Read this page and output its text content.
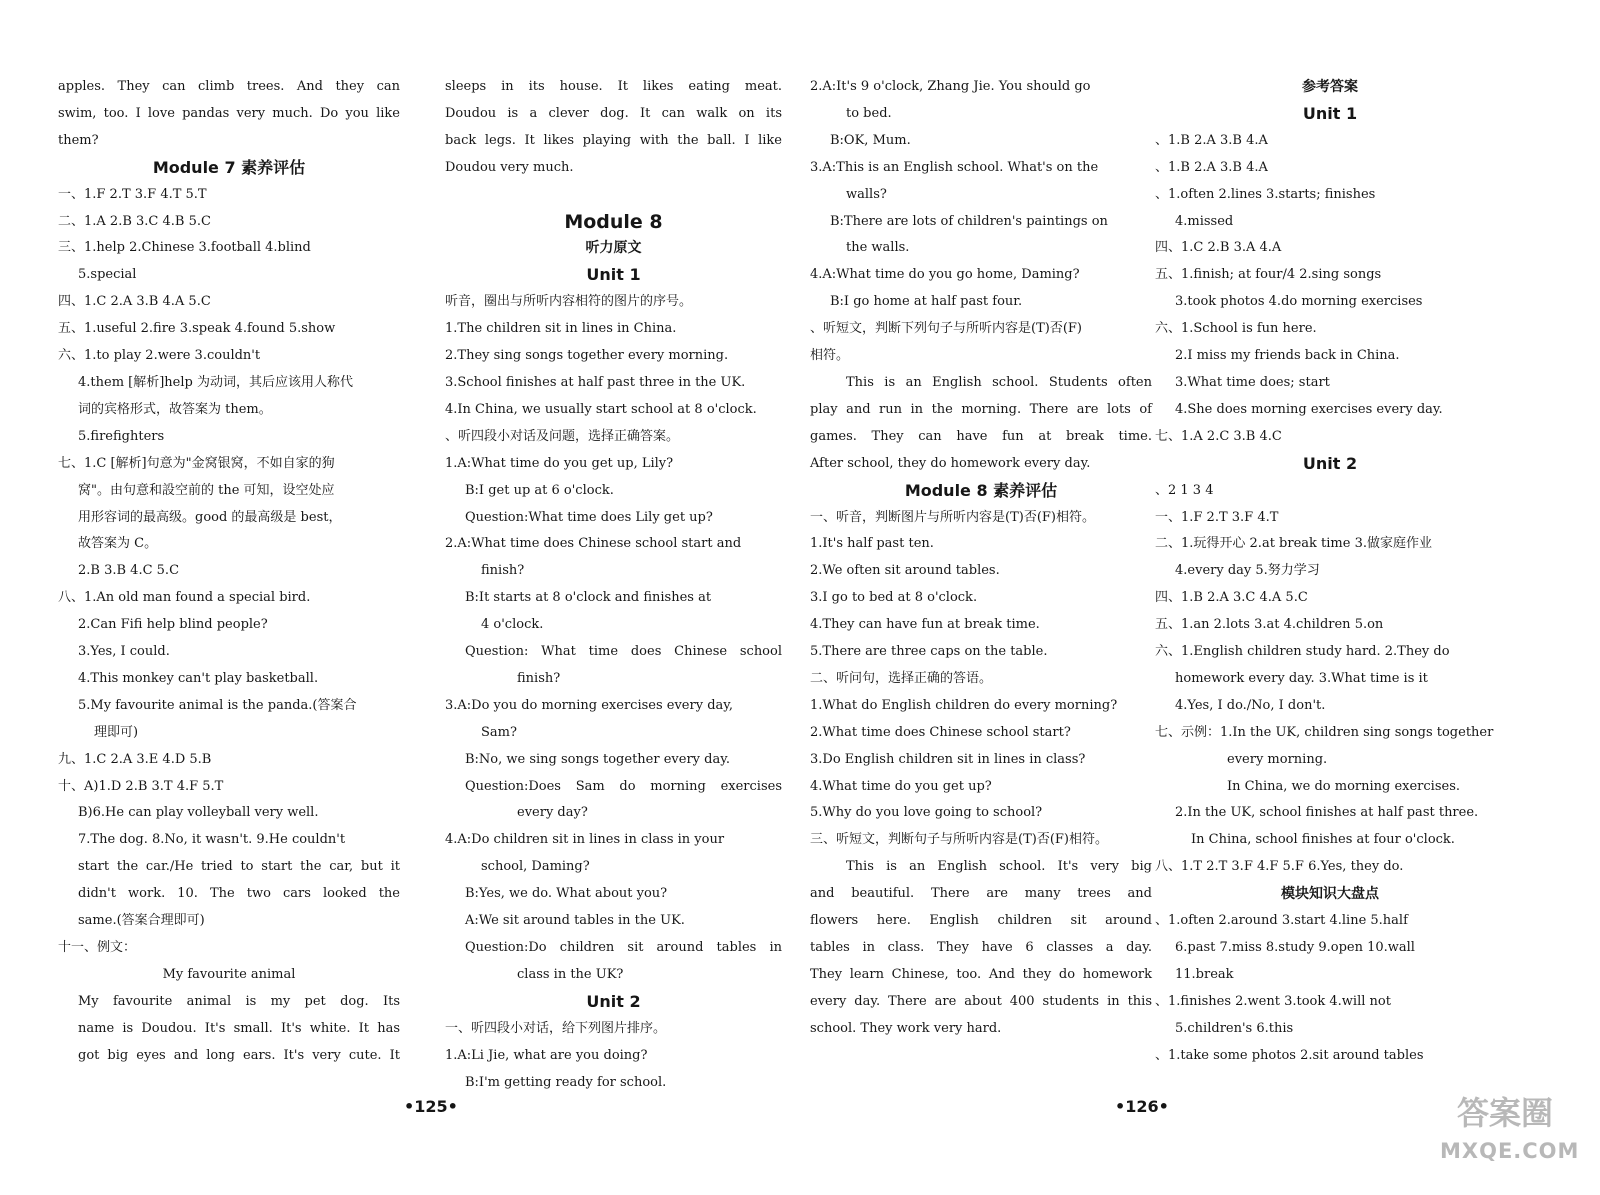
apples. They can climb trees. And they can
swim, too. I love pandas very much. Do you like
them?
Module 7 素养评估
一、1.F 2.T 3.F 4.T 5.T
二、1.A 2.B 3.C 4.B 5.C
三、1.help 2.Chinese 3.football 4.blind
5.special
四、1.C 2.A 3.B 4.A 5.C
五、1.useful 2.fire 3.speak 4.found 5.show
六、1.to play 2.were 3.couldn't
4.them [解析]help 为动词，其后应该用人称代
词的宾格形式，故答案为 them。
5.firefighters
七、1.C [解析]句意为"金窝银窝，不如自家的狗
窝"。由句意和設空前的 the 可知，设空处应
用形容词的最高级。good 的最高级是 best，
故答案为 C。
2.B 3.B 4.C 5.C
八、1.An old man found a special bird.
2.Can Fifi help blind people?
3.Yes, I could.
4.This monkey can't play basketball.
5.My favourite animal is the panda.(答案合
理即可)
九、1.C 2.A 3.E 4.D 5.B
十、A)1.D 2.B 3.T 4.F 5.T
B)6.He can play volleyball very well.
7.The dog. 8.No, it wasn't. 9.He couldn't
start the car./He tried to start the car, but it
didn't work. 10. The two cars looked the
same.(答案合理即可)
十一、例文：
My favourite animal
My favourite animal is my pet dog. Its
name is Doudou. It's small. It's white. It has
got big eyes and long ears. It's very cute. It
sleeps in its house. It likes eating meat.
Doudou is a clever dog. It can walk on its
back legs. It likes playing with the ball. I like
Doudou very much.

Module 8
听力原文
Unit 1
听音，圈出与所听内容相符的图片的序号。
1.The children sit in lines in China.
2.They sing songs together every morning.
3.School finishes at half past three in the UK.
4.In China, we usually start school at 8 o'clock.
、听四段小对话及问题，选择正确答案。
1.A:What time do you get up, Lily?
B:I get up at 6 o'clock.
Question:What time does Lily get up?
2.A:What time does Chinese school start and
finish?
B:It starts at 8 o'clock and finishes at
4 o'clock.
Question: What time does Chinese school
finish?
3.A:Do you do morning exercises every day,
Sam?
B:No, we sing songs together every day.
Question:Does Sam do morning exercises
every day?
4.A:Do children sit in lines in class in your
school, Daming?
B:Yes, we do. What about you?
A:We sit around tables in the UK.
Question:Do children sit around tables in
class in the UK?
Unit 2
一、听四段小对话，给下列图片排序。
1.A:Li Jie, what are you doing?
B:I'm getting ready for school.
2.A:It's 9 o'clock, Zhang Jie. You should go
to bed.
B:OK, Mum.
3.A:This is an English school. What's on the
walls?
B:There are lots of children's paintings on
the walls.
4.A:What time do you go home, Daming?
B:I go home at half past four.
、听短文，判断下列句子与所听内容是(T)否(F)
相符。
This is an English school. Students often
play and run in the morning. There are lots of
games. They can have fun at break time.
After school, they do homework every day.
Module 8 素养评估
一、听音，判断图片与所听内容是(T)否(F)相符。
1.It's half past ten.
2.We often sit around tables.
3.I go to bed at 8 o'clock.
4.They can have fun at break time.
5.There are three caps on the table.
二、听问句，选择正确的答语。
1.What do English children do every morning?
2.What time does Chinese school start?
3.Do English children sit in lines in class?
4.What time do you get up?
5.Why do you love going to school?
三、听短文，判断句子与所听内容是(T)否(F)相符。
This is an English school. It's very big
and beautiful. There are many trees and
flowers here. English children sit around
tables in class. They have 6 classes a day.
They learn Chinese, too. And they do homework
every day. There are about 400 students in this
school. They work very hard.
参考答案
Unit 1
、1.B 2.A 3.B 4.A
、1.B 2.A 3.B 4.A
、1.often 2.lines 3.starts; finishes
4.missed
四、1.C 2.B 3.A 4.A
五、1.finish; at four/4 2.sing songs
3.took photos 4.do morning exercises
六、1.School is fun here.
2.I miss my friends back in China.
3.What time does; start
4.She does morning exercises every day.
七、1.A 2.C 3.B 4.C
Unit 2
、2 1 3 4
一、1.F 2.T 3.F 4.T
二、1.玩得开心 2.at break time 3.做家庭作业
4.every day 5.努力学习
四、1.B 2.A 3.C 4.A 5.C
五、1.an 2.lots 3.at 4.children 5.on
六、1.English children study hard. 2.They do
homework every day. 3.What time is it
4.Yes, I do./No, I don't.
七、示例：1.In the UK, children sing songs together
every morning.
In China, we do morning exercises.
2.In the UK, school finishes at half past three.
In China, school finishes at four o'clock.
八、1.T 2.T 3.F 4.F 5.F 6.Yes, they do.
模块知识大盘点
、1.often 2.around 3.start 4.line 5.half
6.past 7.miss 8.study 9.open 10.wall
11.break
、1.finishes 2.went 3.took 4.will not
5.children's 6.this
、1.take some photos 2.sit around tables
•125•	•126•	答案圈
MXQE.COM
